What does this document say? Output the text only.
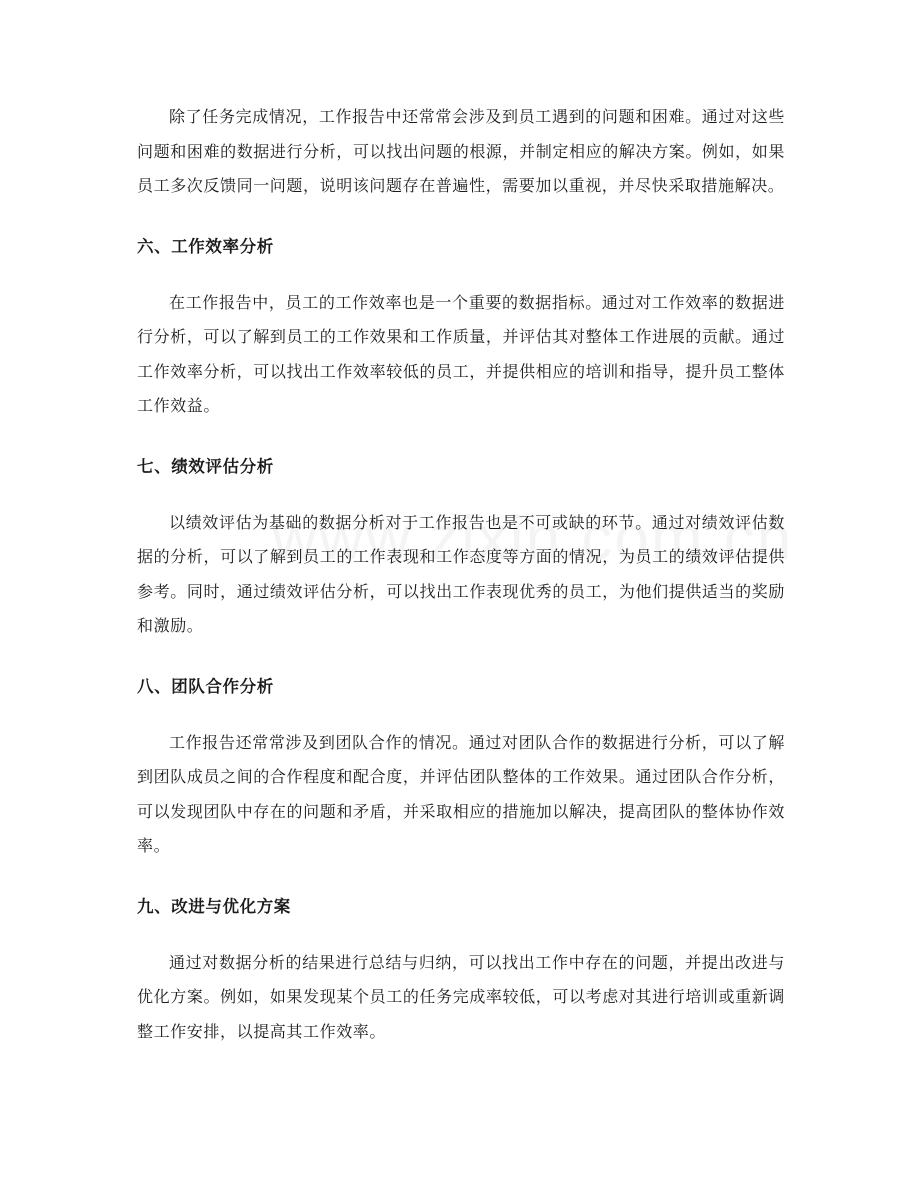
除了任务完成情况，工作报告中还常常会涉及到员工遇到的问题和困难。通过对这些问题和困难的数据进行分析，可以找出问题的根源，并制定相应的解决方案。例如，如果员工多次反馈同一问题，说明该问题存在普遍性，需要加以重视，并尽快采取措施解决。

六、工作效率分析

在工作报告中，员工的工作效率也是一个重要的数据指标。通过对工作效率的数据进行分析，可以了解到员工的工作效果和工作质量，并评估其对整体工作进展的贡献。通过工作效率分析，可以找出工作效率较低的员工，并提供相应的培训和指导，提升员工整体工作效益。

七、绩效评估分析

以绩效评估为基础的数据分析对于工作报告也是不可或缺的环节。通过对绩效评估数据的分析，可以了解到员工的工作表现和工作态度等方面的情况，为员工的绩效评估提供参考。同时，通过绩效评估分析，可以找出工作表现优秀的员工，为他们提供适当的奖励和激励。

八、团队合作分析

工作报告还常常涉及到团队合作的情况。通过对团队合作的数据进行分析，可以了解到团队成员之间的合作程度和配合度，并评估团队整体的工作效果。通过团队合作分析，可以发现团队中存在的问题和矛盾，并采取相应的措施加以解决，提高团队的整体协作效率。

九、改进与优化方案

通过对数据分析的结果进行总结与归纳，可以找出工作中存在的问题，并提出改进与优化方案。例如，如果发现某个员工的任务完成率较低，可以考虑对其进行培训或重新调整工作安排，以提高其工作效率。
